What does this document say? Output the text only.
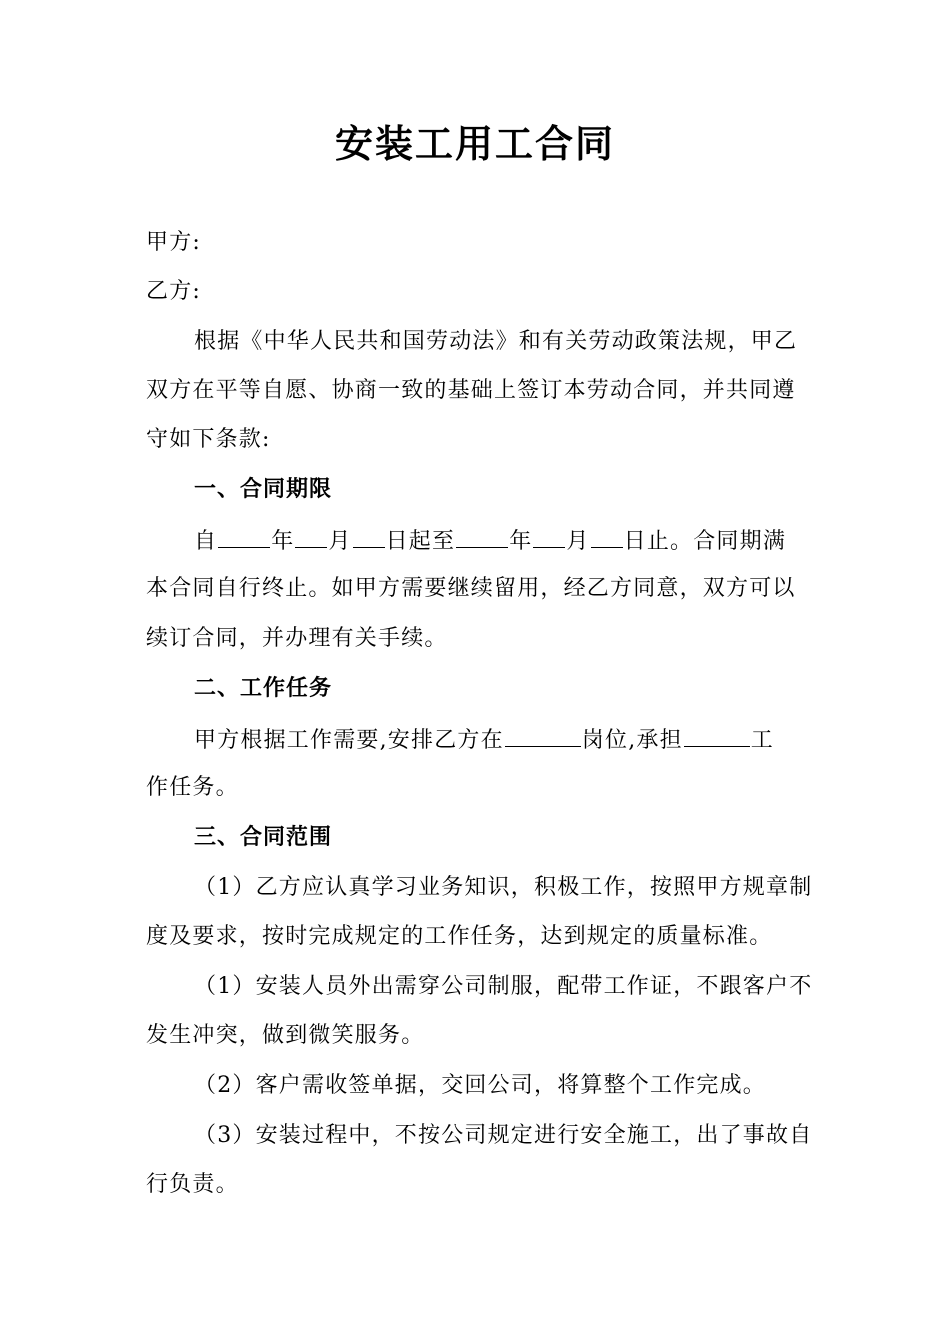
安装工用工合同
甲方:
乙方:
根据《中华人民共和国劳动法》和有关劳动政策法规，甲乙
双方在平等自愿、协商一致的基础上签订本劳动合同，并共同遵
守如下条款:
一、合同期限
自 年 月 日起至 年 月 日止。合同期满
本合同自行终止。如甲方需要继续留用，经乙方同意，双方可以
续订合同，并办理有关手续。
二、工作任务
甲方根据工作需要,安排乙方在	岗位,承担	工
作任务。
三、合同范围
（1）乙方应认真学习业务知识，积极工作，按照甲方规章制
度及要求，按时完成规定的工作任务，达到规定的质量标准。
（1）安装人员外出需穿公司制服，配带工作证，不跟客户不
发生冲突，做到微笑服务。
（2）客户需收签单据，交回公司，将算整个工作完成。
（3）安装过程中，不按公司规定进行安全施工，出了事故自
行负责。
